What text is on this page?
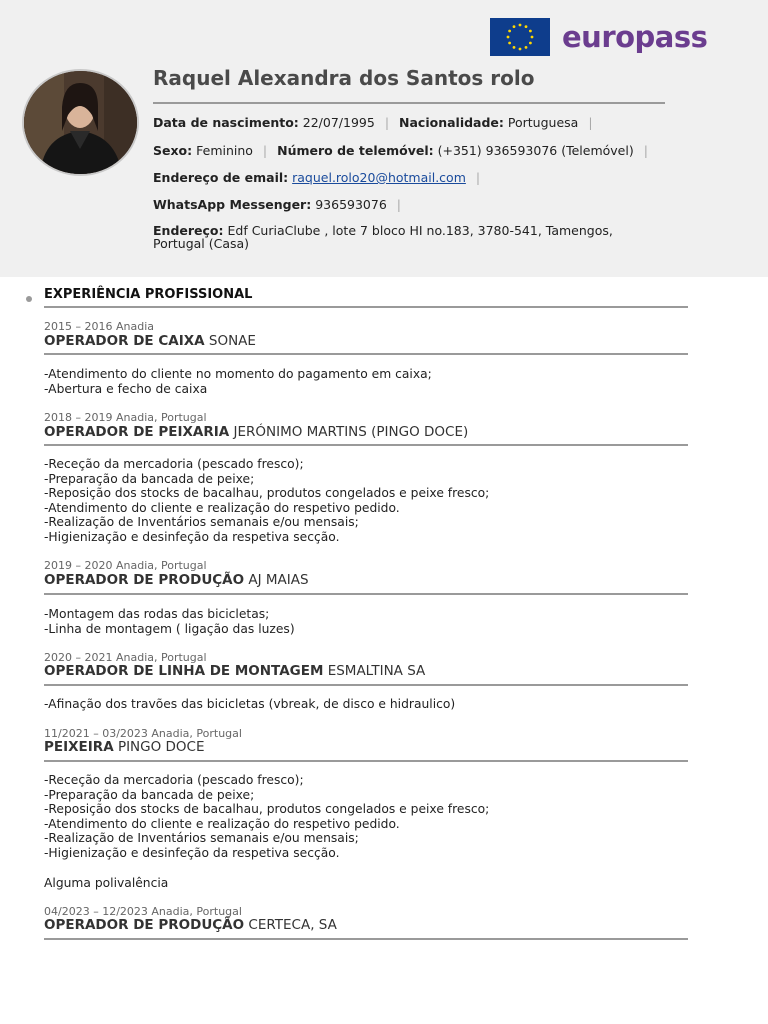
europass
Raquel Alexandra dos Santos rolo
Data de nascimento: 22/07/1995 | Nacionalidade: Portuguesa |
Sexo: Feminino | Número de telemóvel: (+351) 936593076 (Telemóvel) |
Endereço de email: raquel.rolo20@hotmail.com |
WhatsApp Messenger: 936593076 |
Endereço: Edf CuriaClube , lote 7 bloco HI no.183, 3780-541, Tamengos,
Portugal (Casa)
EXPERIÊNCIA PROFISSIONAL
2015 – 2016 Anadia
OPERADOR DE CAIXA SONAE
-Atendimento do cliente no momento do pagamento em caixa;
-Abertura e fecho de caixa
2018 – 2019 Anadia, Portugal
OPERADOR DE PEIXARIA JERÓNIMO MARTINS (PINGO DOCE)
-Receção da mercadoria (pescado fresco);
-Preparação da bancada de peixe;
-Reposição dos stocks de bacalhau, produtos congelados e peixe fresco;
-Atendimento do cliente e realização do respetivo pedido.
-Realização de Inventários semanais e/ou mensais;
-Higienização e desinfeção da respetiva secção.
2019 – 2020 Anadia, Portugal
OPERADOR DE PRODUÇÃO AJ MAIAS
-Montagem das rodas das bicicletas;
-Linha de montagem ( ligação das luzes)
2020 – 2021 Anadia, Portugal
OPERADOR DE LINHA DE MONTAGEM ESMALTINA SA
-Afinação dos travões das bicicletas (vbreak, de disco e hidraulico)
11/2021 – 03/2023 Anadia, Portugal
PEIXEIRA PINGO DOCE
-Receção da mercadoria (pescado fresco);
-Preparação da bancada de peixe;
-Reposição dos stocks de bacalhau, produtos congelados e peixe fresco;
-Atendimento do cliente e realização do respetivo pedido.
-Realização de Inventários semanais e/ou mensais;
-Higienização e desinfeção da respetiva secção.
Alguma polivalência
04/2023 – 12/2023 Anadia, Portugal
OPERADOR DE PRODUÇÃO CERTECA, SA
